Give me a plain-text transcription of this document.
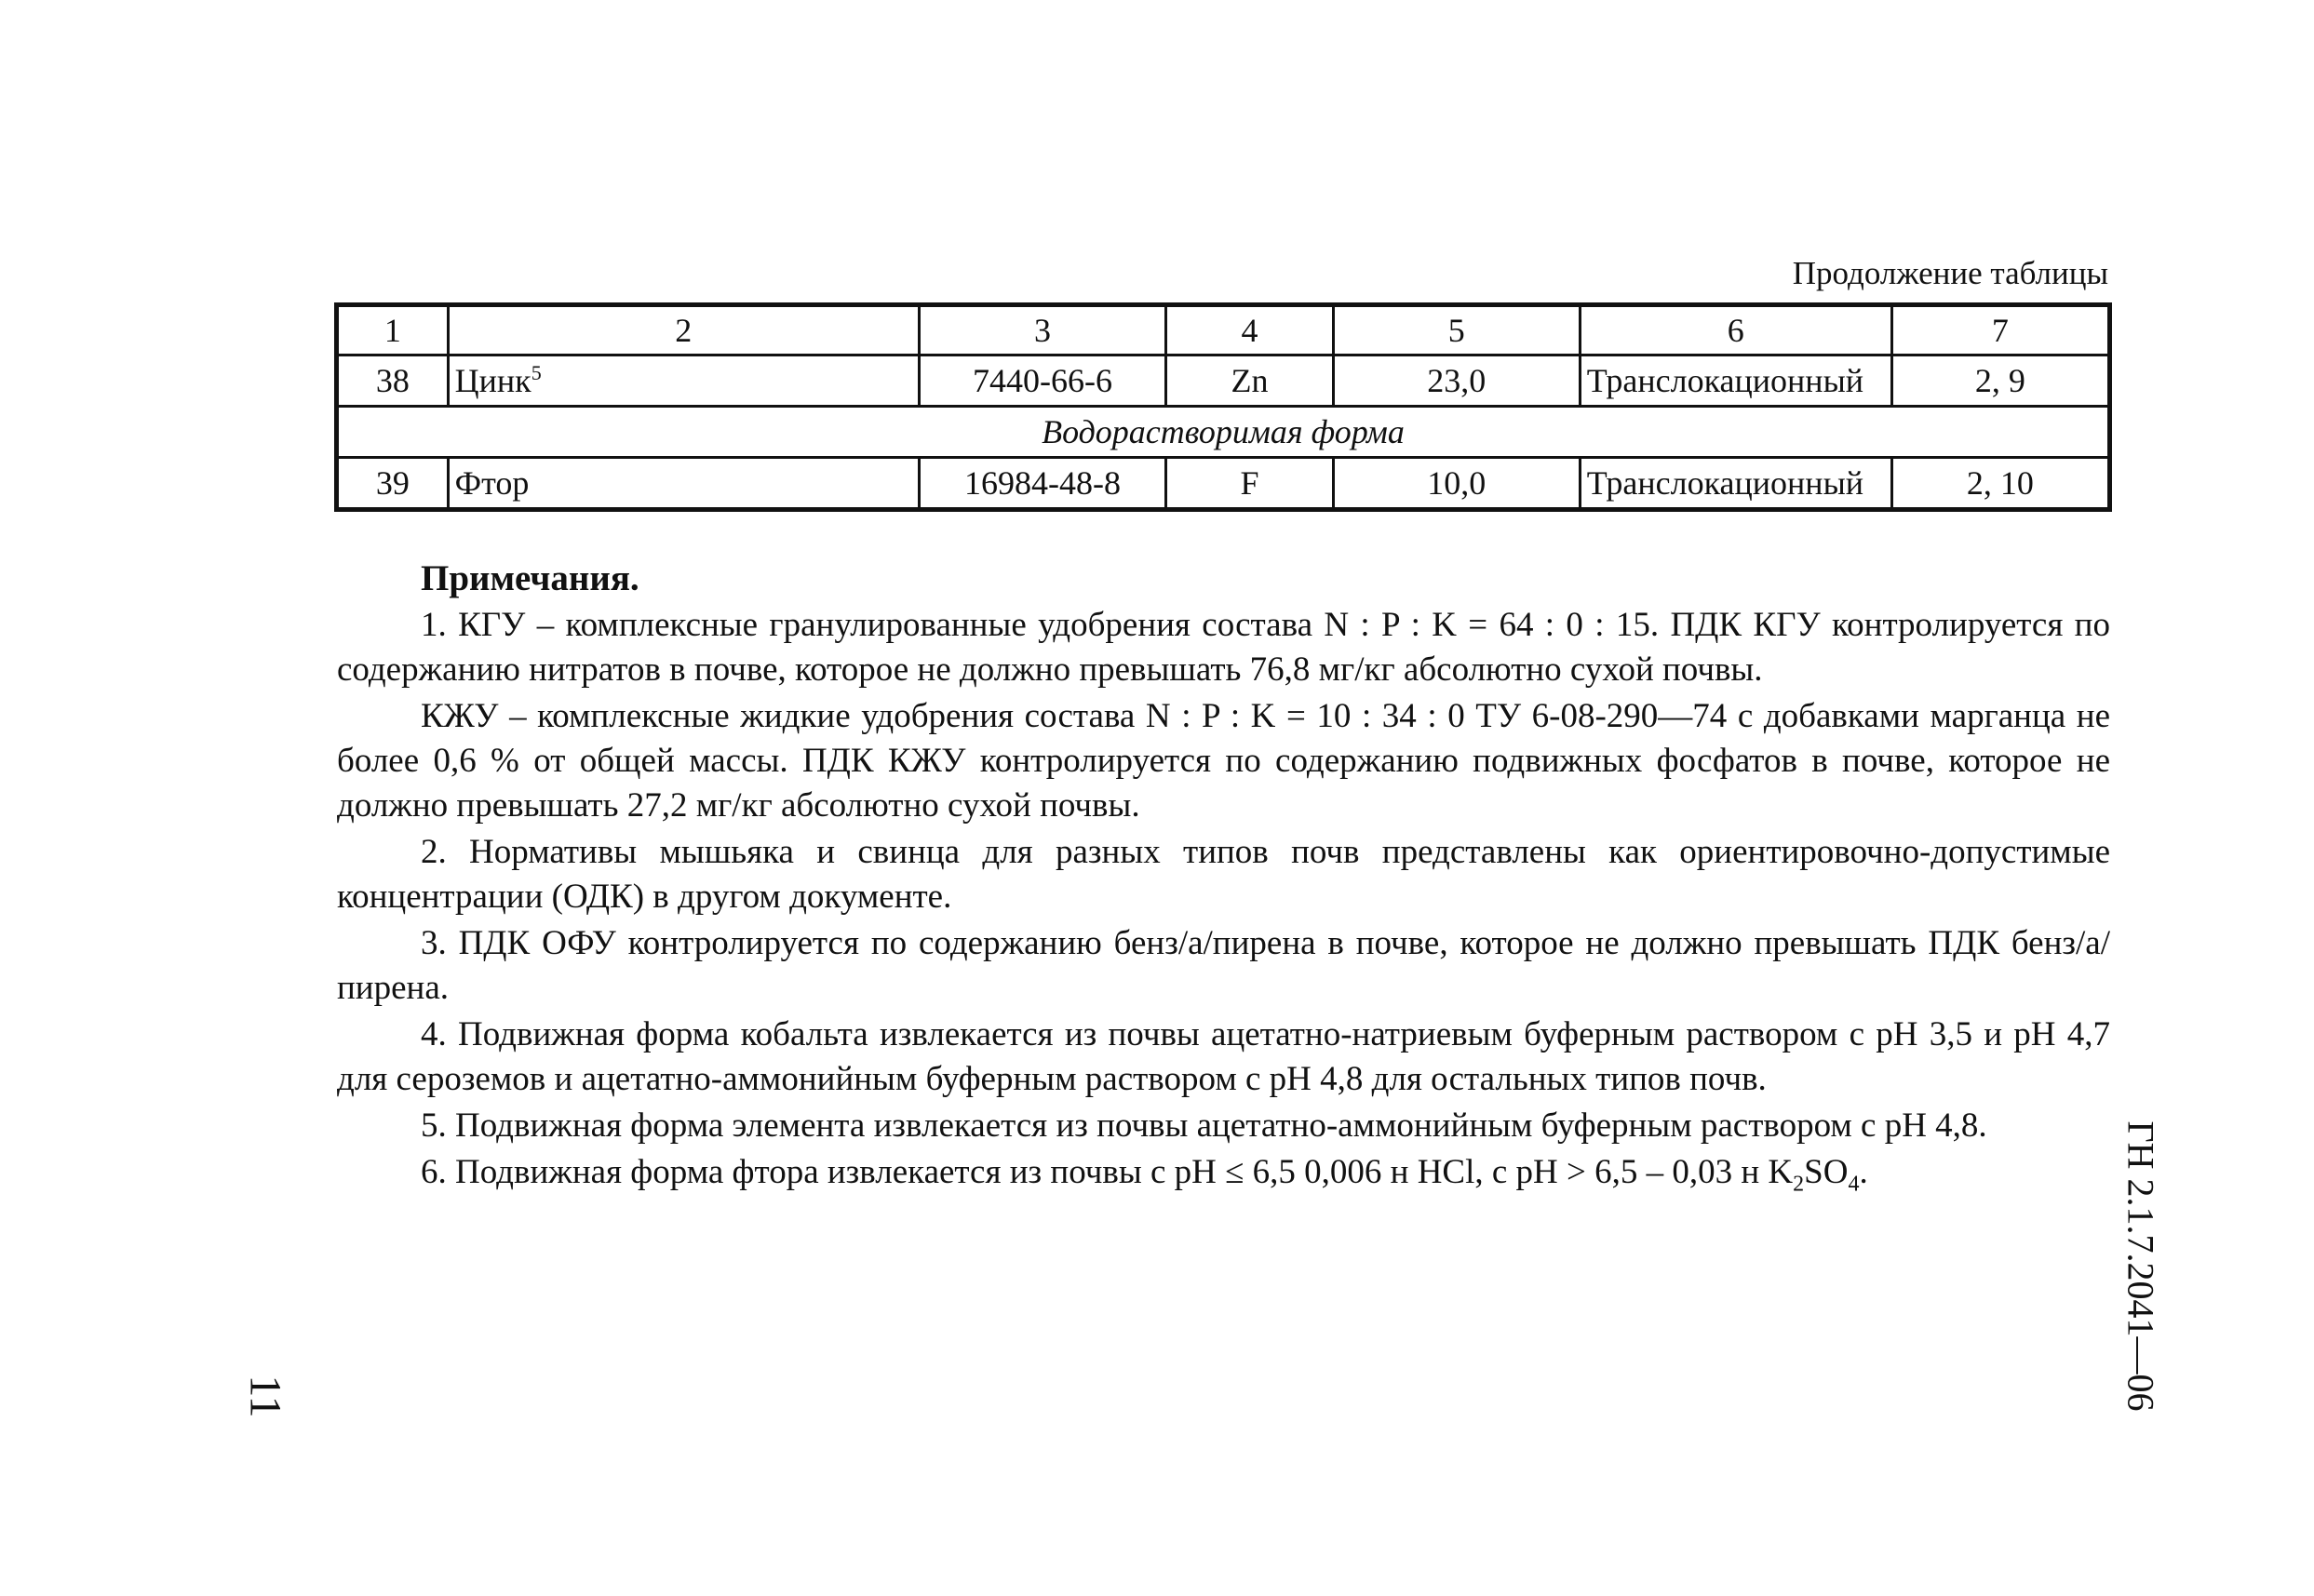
Продолжение таблицы
1	2	3	4	5	6	7
38	Цинк$^5$	7440-66-6	Zn	23,0	Транслокационный	2, 9
Водорастворимая форма						
39	Фтор	16984-48-8	F	10,0	Транслокационный	2, 10

Примечания.

1. КГУ – комплексные гранулированные удобрения состава N : P : K = 64 : 0 : 15. ПДК КГУ контролируется по содержанию нитратов в почве, которое не должно превышать 76,8 мг/кг абсолютно сухой почвы.

КЖУ – комплексные жидкие удобрения состава N : P : K = 10 : 34 : 0 ТУ 6-08-290—74 с добавками марганца не более 0,6 % от общей массы. ПДК КЖУ контролируется по содержанию подвижных фосфатов в почве, которое не должно превышать 27,2 мг/кг абсолютно сухой почвы.

2. Нормативы мышьяка и свинца для разных типов почв представлены как ориентировочно-допустимые концентрации (ОДК) в другом документе.

3. ПДК ОФУ контролируется по содержанию бенз/а/пирена в почве, которое не должно превышать ПДК бенз/а/пирена.

4. Подвижная форма кобальта извлекается из почвы ацетатно-натриевым буферным раствором с pH 3,5 и pH 4,7 для сероземов и ацетатно-аммонийным буферным раствором с pH 4,8 для остальных типов почв.

5. Подвижная форма элемента извлекается из почвы ацетатно-аммонийным буферным раствором с pH 4,8.

6. Подвижная форма фтора извлекается из почвы с pH ≤ 6,5 0,006 н HCl, с pH > 6,5 – 0,03 н $K_2SO_4$.	ГН 2.1.7.2041—06
11
